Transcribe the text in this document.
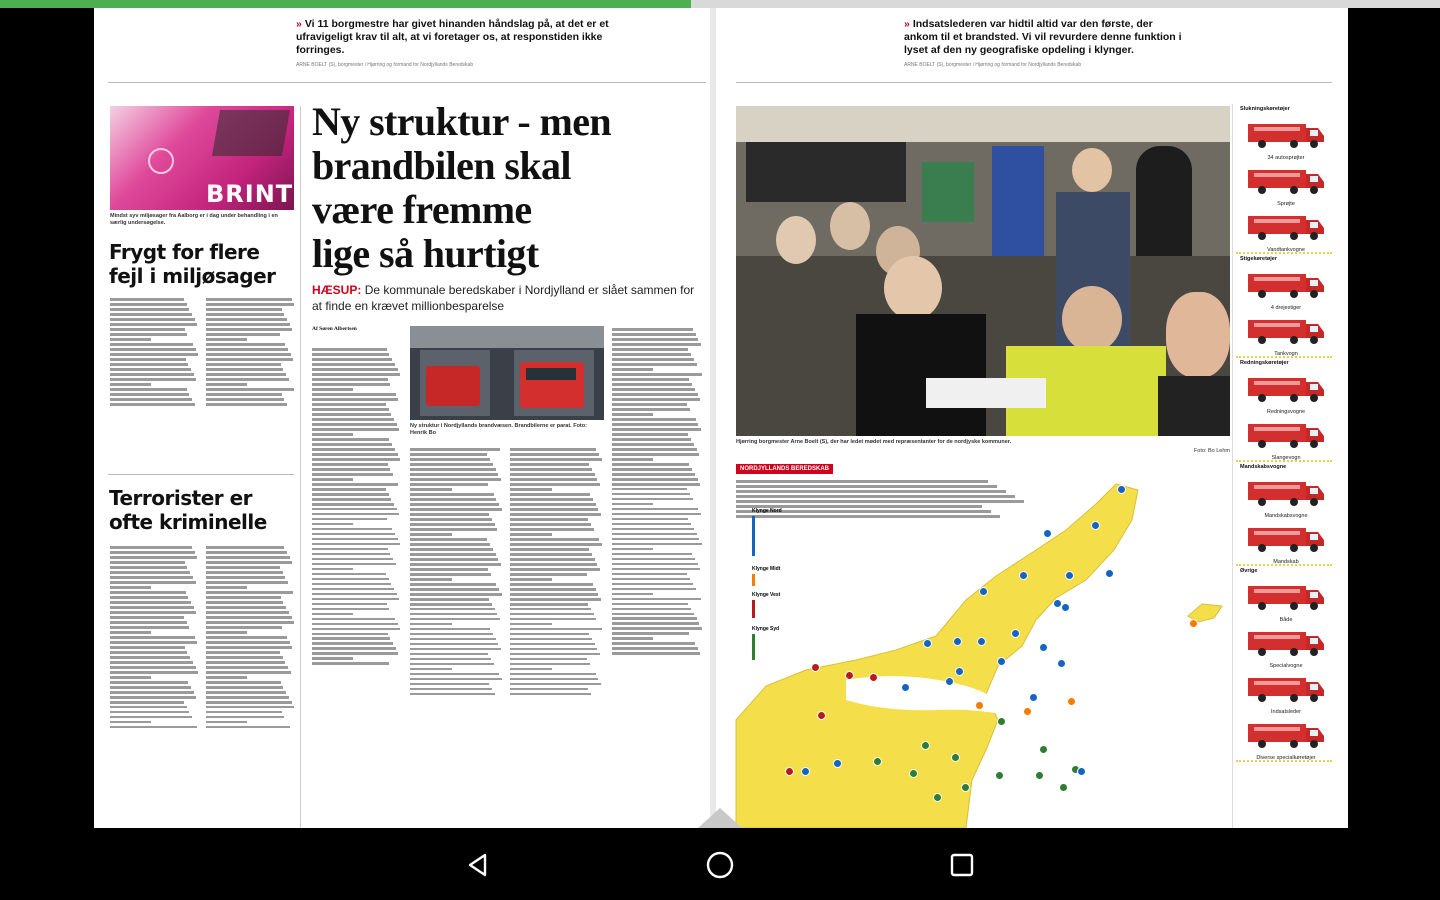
» Vi 11 borgmestre har givet hinanden håndslag på, at det er et ufravigeligt krav til alt, at vi foretager os, at responstiden ikke forringes.
ARNE BOELT (S), borgmester i Hjørring og formand for Nordjyllands Beredskab
BRINT
Mindst syv miljøsager fra Aalborg er i dag under behandling i en særlig undersøgelse.
Frygt for flere
fejl i miljøsager
Terrorister er
ofte kriminelle
Ny struktur - men
brandbilen skal
være fremme
lige så hurtigt
HÆSUP: De kommunale beredskaber i Nordjylland er slået sammen for at finde en krævet millionbesparelse
Af Søren Albertsen
Ny struktur i Nordjyllands brandvæsen. Brandbilerne er parat. Foto: Henrik Bo
» Indsatslederen var hidtil altid var den første, der ankom til et brandsted. Vi vil revurdere denne funktion i lyset af den ny geografiske opdeling i klynger.
ARNE BOELT (S), borgmester i Hjørring og formand for Nordjyllands Beredskab
Hjørring borgmester Arne Boelt (S), der har ledet mødet med repræsentanter for de nordjyske kommuner.
Foto: Bo Lehm
NORDJYLLANDS BEREDSKAB
Klynge Nord
Klynge Midt
Klynge Vest
Klynge Syd
Slukningskøretøjer
34 autosprøjter
Sprøjte
Vandtankvogne
Stigekøretøjer
4 drejestiger
Tankvogn
Redningskøretøjer
Redningsvogne
Slangevogn
Mandskabsvogne
Mandskabsvogne
Mandskab
Øvrige
Både
Specialvogne
Indsatsleder
Diverse specialkøretøjer
